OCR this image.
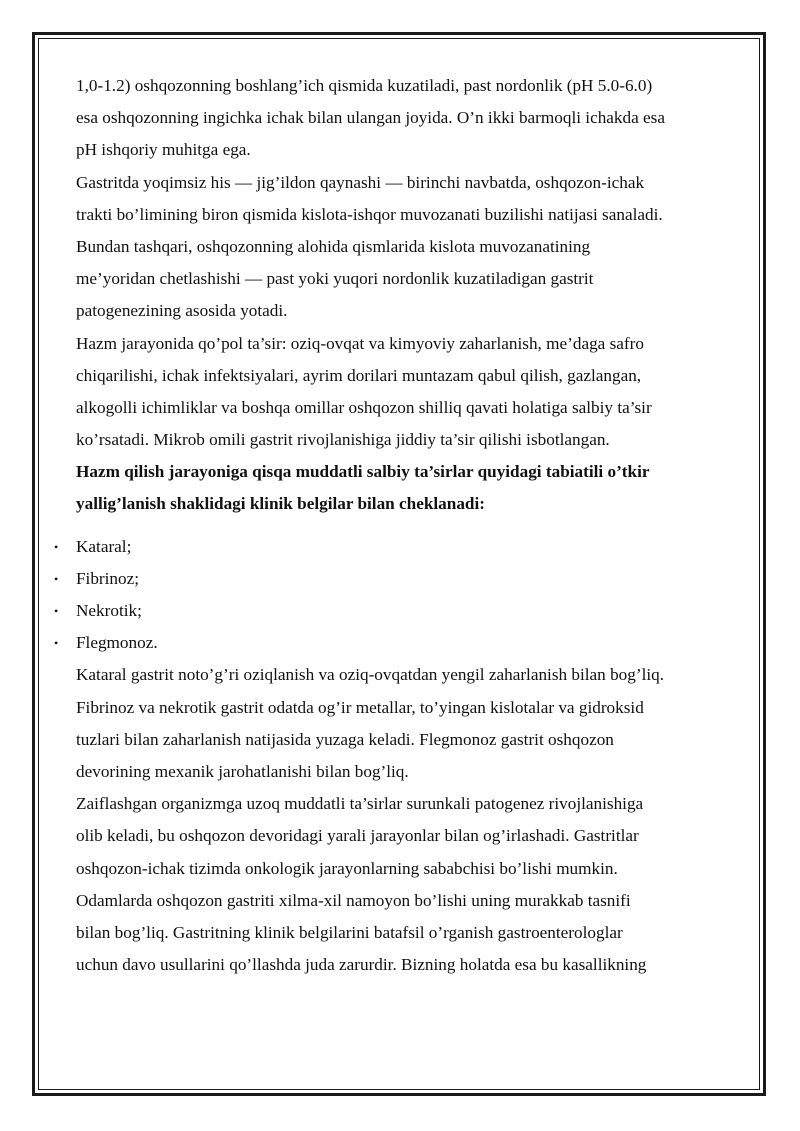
1,0-1.2) oshqozonning boshlang’ich qismida kuzatiladi, past nordonlik (pH 5.0-6.0)
esa oshqozonning ingichka ichak bilan ulangan joyida. O’n ikki barmoqli ichakda esa
pH ishqoriy muhitga ega.
Gastritda yoqimsiz his — jig’ildon qaynashi — birinchi navbatda, oshqozon-ichak
trakti bo’limining biron qismida kislota-ishqor muvozanati buzilishi natijasi sanaladi.
Bundan tashqari, oshqozonning alohida qismlarida kislota muvozanatining
me’yoridan chetlashishi — past yoki yuqori nordonlik kuzatiladigan gastrit
patogenezining asosida yotadi.
Hazm jarayonida qo’pol ta’sir: oziq-ovqat va kimyoviy zaharlanish, me’daga safro
chiqarilishi, ichak infektsiyalari, ayrim dorilari muntazam qabul qilish, gazlangan,
alkogolli ichimliklar va boshqa omillar oshqozon shilliq qavati holatiga salbiy ta’sir
ko’rsatadi. Mikrob omili gastrit rivojlanishiga jiddiy ta’sir qilishi isbotlangan.
Hazm qilish jarayoniga qisqa muddatli salbiy ta’sirlar quyidagi tabiatili o’tkir
yallig’lanish shaklidagi klinik belgilar bilan cheklanadi:
• Kataral;
• Fibrinoz;
• Nekrotik;
• Flegmonoz.
Kataral gastrit noto’g’ri oziqlanish va oziq-ovqatdan yengil zaharlanish bilan bog’liq.
Fibrinoz va nekrotik gastrit odatda og’ir metallar, to’yingan kislotalar va gidroksid
tuzlari bilan zaharlanish natijasida yuzaga keladi. Flegmonoz gastrit oshqozon
devorining mexanik jarohatlanishi bilan bog’liq.
Zaiflashgan organizmga uzoq muddatli ta’sirlar surunkali patogenez rivojlanishiga
olib keladi, bu oshqozon devoridagi yarali jarayonlar bilan og’irlashadi. Gastritlar
oshqozon-ichak tizimda onkologik jarayonlarning sababchisi bo’lishi mumkin.
Odamlarda oshqozon gastriti xilma-xil namoyon bo’lishi uning murakkab tasnifi
bilan bog’liq. Gastritning klinik belgilarini batafsil o’rganish gastroenterologlar
uchun davo usullarini qo’llashda juda zarurdir. Bizning holatda esa bu kasallikning
